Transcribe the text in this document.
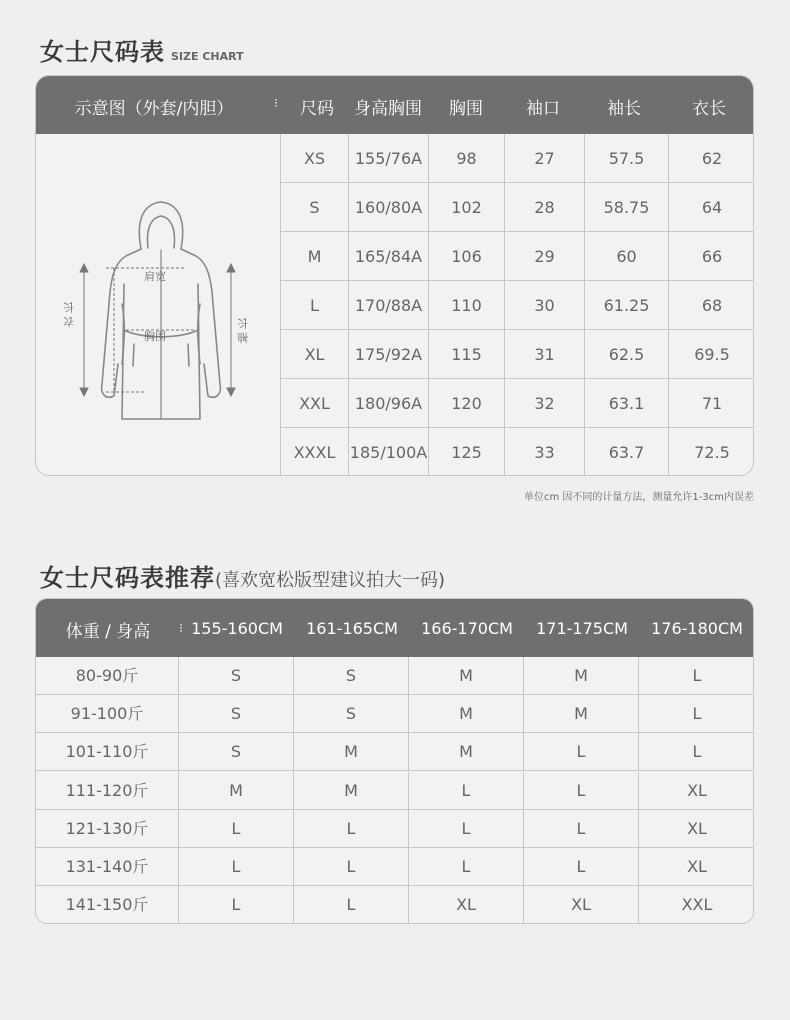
女士尺码表 SIZE CHART
示意图（外套/内胆）	⁝ 尺码 身高胸围 胸围	袖口	袖长	衣长
肩宽
胸围
衣 长
袖 长
XS	155/76A	98	27	57.5	62
S	160/80A	102	28	58.75	64
M	165/84A	106	29	60	66
L	170/88A	110	30	61.25	68
XL	175/92A	115	31	62.5	69.5
XXL	180/96A	120	32	63.1	71
XXXL 185/100A	125	33	63.7	72.5
单位cm 因不同的计量方法，测量允许1-3cm内误差
女士尺码表推荐(喜欢宽松版型建议拍大一码)
体重 / 身高 ⁝ 155-160CM 161-165CM 166-170CM 171-175CM 176-180CM
80-90斤	S	S	M	M	L
91-100斤	S	S	M	M	L
101-110斤	S	M	M	L	L
111-120斤	M	M	L	L	XL
121-130斤	L	L	L	L	XL
131-140斤	L	L	L	L	XL
141-150斤	L	L	XL	XL	XXL
